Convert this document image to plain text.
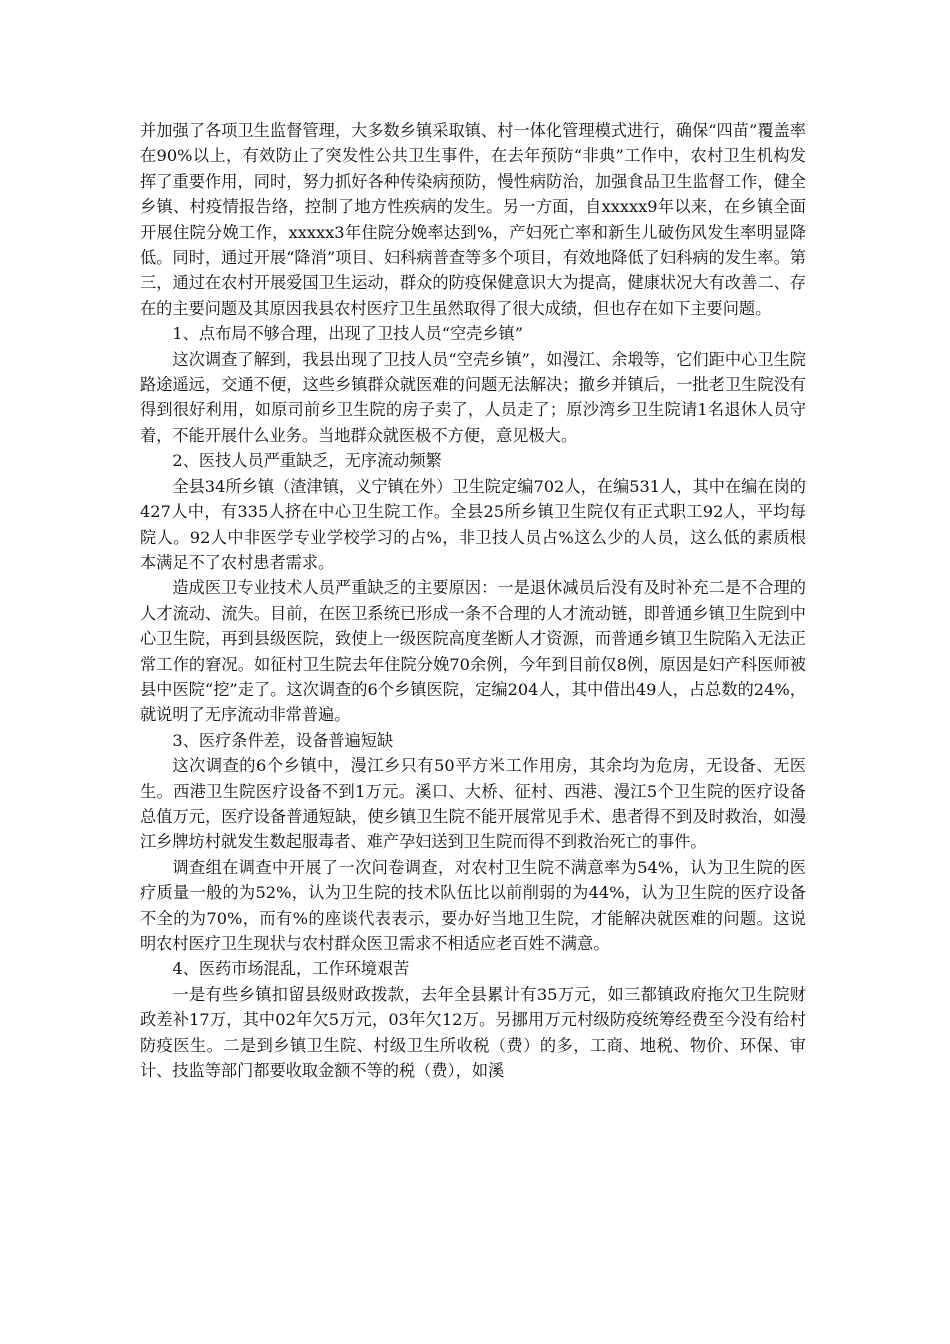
并加强了各项卫生监督管理，大多数乡镇采取镇、村一体化管理模式进行，确保“四苗”覆盖率在90%以上，有效防止了突发性公共卫生事件，在去年预防“非典”工作中，农村卫生机构发挥了重要作用，同时，努力抓好各种传染病预防，慢性病防治，加强食品卫生监督工作，健全乡镇、村疫情报告络，控制了地方性疾病的发生。另一方面，自xxxxx9年以来，在乡镇全面开展住院分娩工作，xxxxx3年住院分娩率达到%，产妇死亡率和新生儿破伤风发生率明显降低。同时，通过开展“降消”项目、妇科病普查等多个项目，有效地降低了妇科病的发生率。第三，通过在农村开展爱国卫生运动，群众的防疫保健意识大为提高，健康状况大有改善二、存在的主要问题及其原因我县农村医疗卫生虽然取得了很大成绩，但也存在如下主要问题。

1、点布局不够合理，出现了卫技人员“空壳乡镇”

这次调查了解到，我县出现了卫技人员“空壳乡镇”，如漫江、余塅等，它们距中心卫生院路途遥远，交通不便，这些乡镇群众就医难的问题无法解决；撤乡并镇后，一批老卫生院没有得到很好利用，如原司前乡卫生院的房子卖了，人员走了；原沙湾乡卫生院请1名退休人员守着，不能开展什么业务。当地群众就医极不方便，意见极大。

2、医技人员严重缺乏，无序流动频繁

全县34所乡镇（渣津镇，义宁镇在外）卫生院定编702人，在编531人，其中在编在岗的427人中，有335人挤在中心卫生院工作。全县25所乡镇卫生院仅有正式职工92人，平均每院人。92人中非医学专业学校学习的占%，非卫技人员占%这么少的人员，这么低的素质根本满足不了农村患者需求。

造成医卫专业技术人员严重缺乏的主要原因：一是退休减员后没有及时补充二是不合理的人才流动、流失。目前，在医卫系统已形成一条不合理的人才流动链，即普通乡镇卫生院到中心卫生院，再到县级医院，致使上一级医院高度垄断人才资源，而普通乡镇卫生院陷入无法正常工作的窘况。如征村卫生院去年住院分娩70余例，今年到目前仅8例，原因是妇产科医师被县中医院“挖”走了。这次调查的6个乡镇医院，定编204人，其中借出49人，占总数的24%，就说明了无序流动非常普遍。

3、医疗条件差，设备普遍短缺

这次调查的6个乡镇中，漫江乡只有50平方米工作用房，其余均为危房，无设备、无医生。西港卫生院医疗设备不到1万元。溪口、大桥、征村、西港、漫江5个卫生院的医疗设备总值万元，医疗设备普通短缺，使乡镇卫生院不能开展常见手术、患者得不到及时救治，如漫江乡牌坊村就发生数起服毒者、难产孕妇送到卫生院而得不到救治死亡的事件。

调查组在调查中开展了一次问卷调查，对农村卫生院不满意率为54%，认为卫生院的医疗质量一般的为52%，认为卫生院的技术队伍比以前削弱的为44%，认为卫生院的医疗设备不全的为70%，而有%的座谈代表表示，要办好当地卫生院，才能解决就医难的问题。这说明农村医疗卫生现状与农村群众医卫需求不相适应老百姓不满意。

4、医药市场混乱，工作环境艰苦

一是有些乡镇扣留县级财政拨款，去年全县累计有35万元，如三都镇政府拖欠卫生院财政差补17万，其中02年欠5万元，03年欠12万。另挪用万元村级防疫统筹经费至今没有给村防疫医生。二是到乡镇卫生院、村级卫生所收税（费）的多，工商、地税、物价、环保、审计、技监等部门都要收取金额不等的税（费），如溪
